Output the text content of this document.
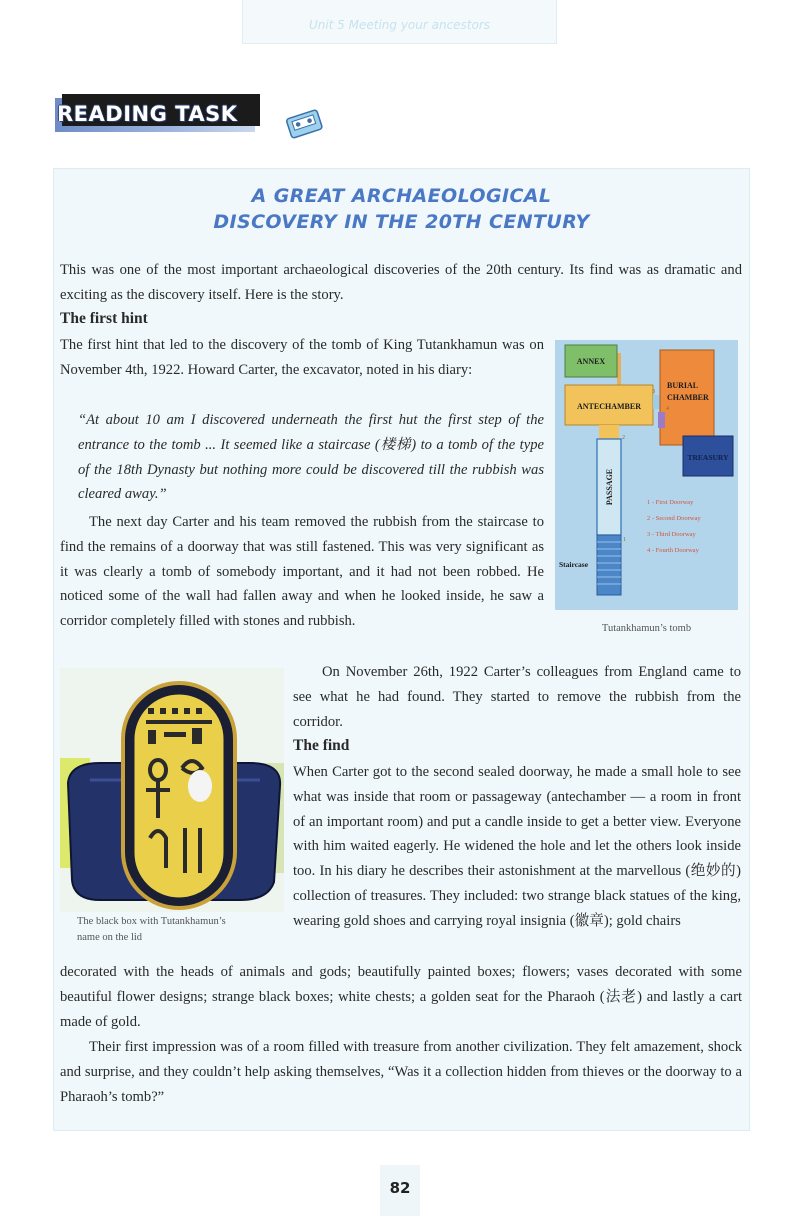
Unit 5 Meeting your ancestors
READING TASK
A GREAT ARCHAEOLOGICAL
DISCOVERY IN THE 20TH CENTURY

This was one of the most important archaeological discoveries of the 20th century. Its find was as dramatic and exciting as the discovery itself. Here is the story.

The first hint

The first hint that led to the discovery of the tomb of King Tutankhamun was on November 4th, 1922. Howard Carter, the excavator, noted in his diary:

“At about 10 am I discovered underneath the first hut the first step of the entrance to the tomb ... It seemed like a staircase (楼梯) to a tomb of the type of the 18th Dynasty but nothing more could be discovered till the rubbish was cleared away.”

The next day Carter and his team removed the rubbish from the staircase to find the remains of a doorway that was still fastened. This was very significant as it was clearly a tomb of somebody important, and it had not been robbed. He noticed some of the wall had fallen away and when he looked inside, he saw a corridor completely filled with stones and rubbish.

ANNEX
ANTECHAMBER
BURIAL
CHAMBER
TREASURY
PASSAGE
Staircase
1
2
3
4
1 - First Doorway
2 - Second Doorway
3 - Third Doorway
4 - Fourth Doorway

Tutankhamun’s tomb

The black box with Tutankhamun’s

name on the lid

On November 26th, 1922 Carter’s colleagues from England came to see what he had found. They started to remove the rubbish from the corridor.

The find

When Carter got to the second sealed doorway, he made a small hole to see what was inside that room or passageway (antechamber — a room in front of an important room) and put a candle inside to get a better view. Everyone with him waited eagerly. He widened the hole and let the others look inside too. In his diary he describes their astonishment at the marvellous (绝妙的) collection of treasures. They included: two strange black statues of the king, wearing gold shoes and carrying royal insignia (徽章); gold chairs

decorated with the heads of animals and gods; beautifully painted boxes; flowers; vases decorated with some beautiful flower designs; strange black boxes; white chests; a golden seat for the Pharaoh (法老) and lastly a cart made of gold.

Their first impression was of a room filled with treasure from another civilization. They felt amazement, shock and surprise, and they couldn’t help asking themselves, “Was it a collection hidden from thieves or the doorway to a Pharaoh’s tomb?”

82
